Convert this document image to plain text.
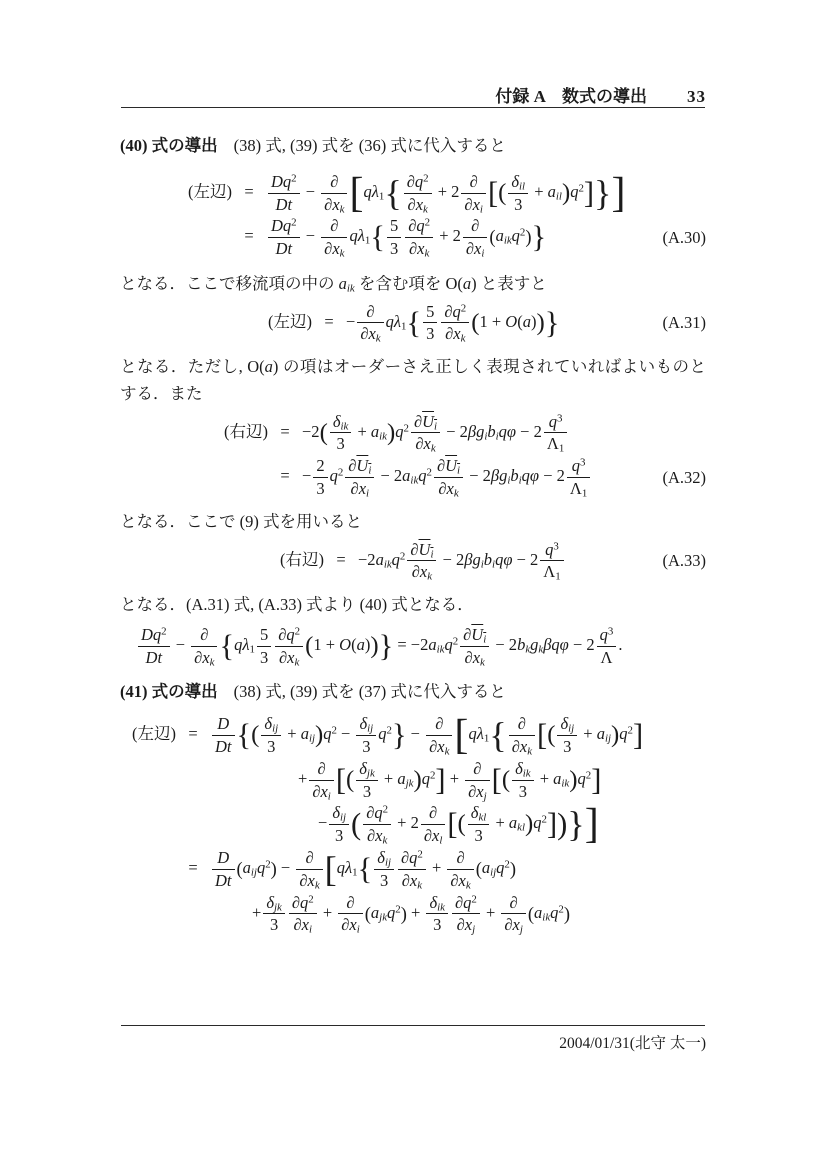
付録 A　数式の導出 33

(40) 式の導出 (38) 式, (39) 式を (36) 式に代入すると

(左辺) = $\frac{Dq^2}{Dt}$ −
∂
$\partial x_k$ [$q\lambda_1\{ \frac{\partial q^2}{\partial x_k} + 2$
∂
$\partial x_i$ [( $\delta_{il}$
3
+ $a_{il})q^2$]}]
= $\frac{Dq^2}{Dt}$ −
∂
$\partial x_k$
$q\lambda_1\{ \frac{5}{3} \frac{\partial q^2}{\partial x_k} + 2$
∂
$\partial x_i$
$(a_{ik}q^2)$}	(A.30)

となる．ここで移流項の中の $a_{ik}$ を含む項を O(a) と表すと

(左辺) = −
∂
$\partial x_k$
$q\lambda_1\{ \frac{5}{3} \frac{\partial q^2}{\partial x_k} (1 + O(a))\}$	(A.31)

となる．ただし, O(a) の項はオーダーさえ正しく表現されていればよいものとする．また

(右辺) = −2( $\delta_{ik}$
3
+ $a_{ik})q^2 \frac{\partial U_i}{\partial x_k} - 2\beta g_ib_iq\varphi - 2 \frac{q^3}{\Lambda_1}$
= − $\frac{2}{3} q^2 \frac{\partial U_i}{\partial x_i} - 2a_{ik}q^2 \frac{\partial U_i}{\partial x_k} - 2\beta g_ib_iq\varphi - 2 \frac{q^3}{\Lambda_1}$	(A.32)

となる．ここで (9) 式を用いると

(右辺) = $-2a_{ik}q^2 \frac{\partial U_i}{\partial x_k} - 2\beta g_ib_iq\varphi - 2 \frac{q^3}{\Lambda_1}$	(A.33)

となる．(A.31) 式, (A.33) 式より (40) 式となる．

$\frac{Dq^2}{Dt}$ −
∂
$\partial x_k$ $\{q\lambda_1 \frac{5}{3} \frac{\partial q^2}{\partial x_k} (1 + O(a))\} = -2a_{ik}q^2 \frac{\partial U_i}{\partial x_k} - 2b_kg_k\beta q\varphi - 2 \frac{q^3}{\Lambda}$ .

(41) 式の導出 (38) 式, (39) 式を (37) 式に代入すると

(左辺) = $\frac{D}{Dt}$ {( $\delta_{ij}$
3
+ $a_{ij})q^2$ −
$\delta_{ij}$
3
$q^2$} −
∂
$\partial x_k$ [$q\lambda_1${ ∂
$\partial x_k$ [( $\delta_{ij}$
3
+ $a_{ij})q^2$]
+
∂
$\partial x_i$ [( $\delta_{jk}$
3
+ $a_{jk})q^2$] +
∂
$\partial x_j$ [( $\delta_{ik}$
3
+ $a_{ik})q^2$]
−
$\delta_{ij}$
3 ( $\frac{\partial q^2}{\partial x_k} + 2$
∂
$\partial x_l$ [( $\delta_{kl}$
3
+ $a_{kl})q^2$])}]
= $\frac{D}{Dt} (a_{ij}q^2)$ −
∂
$\partial x_k$ [$q\lambda_1${ $\delta_{ij}$
$3 \frac{\partial q^2}{\partial x_k}$ +
∂
$\partial x_k$
$(a_{ij}q^2)$
+
$\delta_{jk}$
$3 \frac{\partial q^2}{\partial x_i}$ +
∂
$\partial x_i$
$(a_{jk}q^2)$ +
$\delta_{ik}$
$3 \frac{\partial q^2}{\partial x_j}$ +
∂
$\partial x_j$
$(a_{ik}q^2)$
2004/01/31(北守 太一)
